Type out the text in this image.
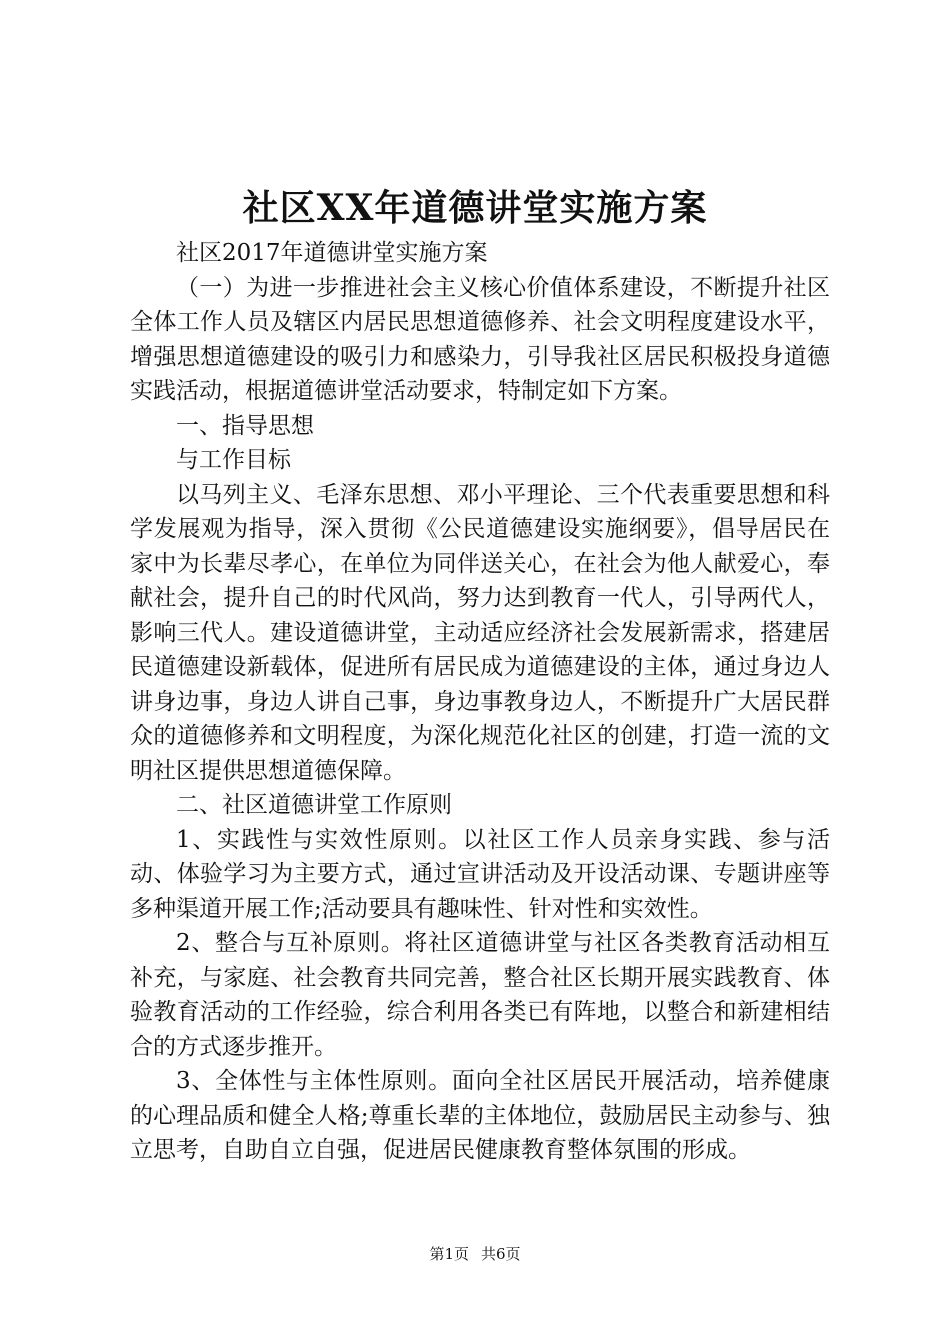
社区XX年道德讲堂实施方案

社区2017年道德讲堂实施方案

（一）为进一步推进社会主义核心价值体系建设，不断提升社区全体工作人员及辖区内居民思想道德修养、社会文明程度建设水平，增强思想道德建设的吸引力和感染力，引导我社区居民积极投身道德实践活动，根据道德讲堂活动要求，特制定如下方案。

一、指导思想

与工作目标

以马列主义、毛泽东思想、邓小平理论、三个代表重要思想和科学发展观为指导，深入贯彻《公民道德建设实施纲要》，倡导居民在家中为长辈尽孝心，在单位为同伴送关心，在社会为他人献爱心，奉献社会，提升自己的时代风尚，努力达到教育一代人，引导两代人，影响三代人。建设道德讲堂，主动适应经济社会发展新需求，搭建居民道德建设新载体，促进所有居民成为道德建设的主体，通过身边人讲身边事，身边人讲自己事，身边事教身边人，不断提升广大居民群众的道德修养和文明程度，为深化规范化社区的创建，打造一流的文明社区提供思想道德保障。

二、社区道德讲堂工作原则

1、实践性与实效性原则。以社区工作人员亲身实践、参与活动、体验学习为主要方式，通过宣讲活动及开设活动课、专题讲座等多种渠道开展工作;活动要具有趣味性、针对性和实效性。

2、整合与互补原则。将社区道德讲堂与社区各类教育活动相互补充，与家庭、社会教育共同完善，整合社区长期开展实践教育、体验教育活动的工作经验，综合利用各类已有阵地，以整合和新建相结合的方式逐步推开。

3、全体性与主体性原则。面向全社区居民开展活动，培养健康的心理品质和健全人格;尊重长辈的主体地位，鼓励居民主动参与、独立思考，自助自立自强，促进居民健康教育整体氛围的形成。

第1页 共6页
